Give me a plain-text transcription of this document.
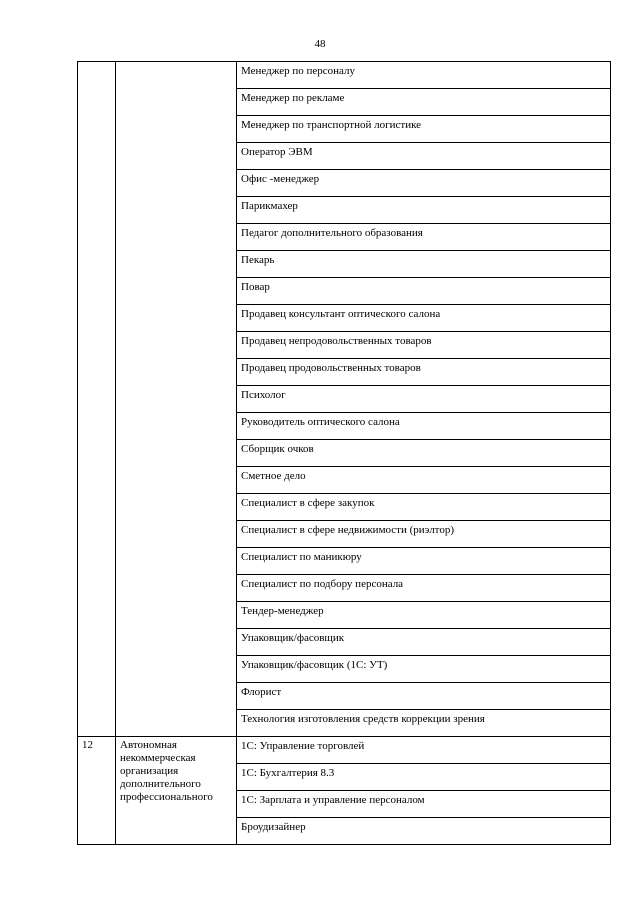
48
		Менеджер по персоналу
		Менеджер по рекламе
		Менеджер по транспортной логистике
		Оператор ЭВМ
		Офис -менеджер
		Парикмахер
		Педагог дополнительного образования
		Пекарь
		Повар
		Продавец консультант оптического салона
		Продавец непродовольственных товаров
		Продавец продовольственных товаров
		Психолог
		Руководитель оптического салона
		Сборщик очков
		Сметное дело
		Специалист в сфере закупок
		Специалист в сфере недвижимости (риэлтор)
		Специалист по маникюру
		Специалист по подбору персонала
		Тендер-менеджер
		Упаковщик/фасовщик
		Упаковщик/фасовщик (1С: УТ)
		Флорист
		Технология изготовления средств коррекции зрения
12	Автономная
некоммерческая
организация
дополнительного
профессионального	1С: Управление торговлей
		1С: Бухгалтерия 8.3
		1С: Зарплата и управление персоналом
		Броудизайнер
